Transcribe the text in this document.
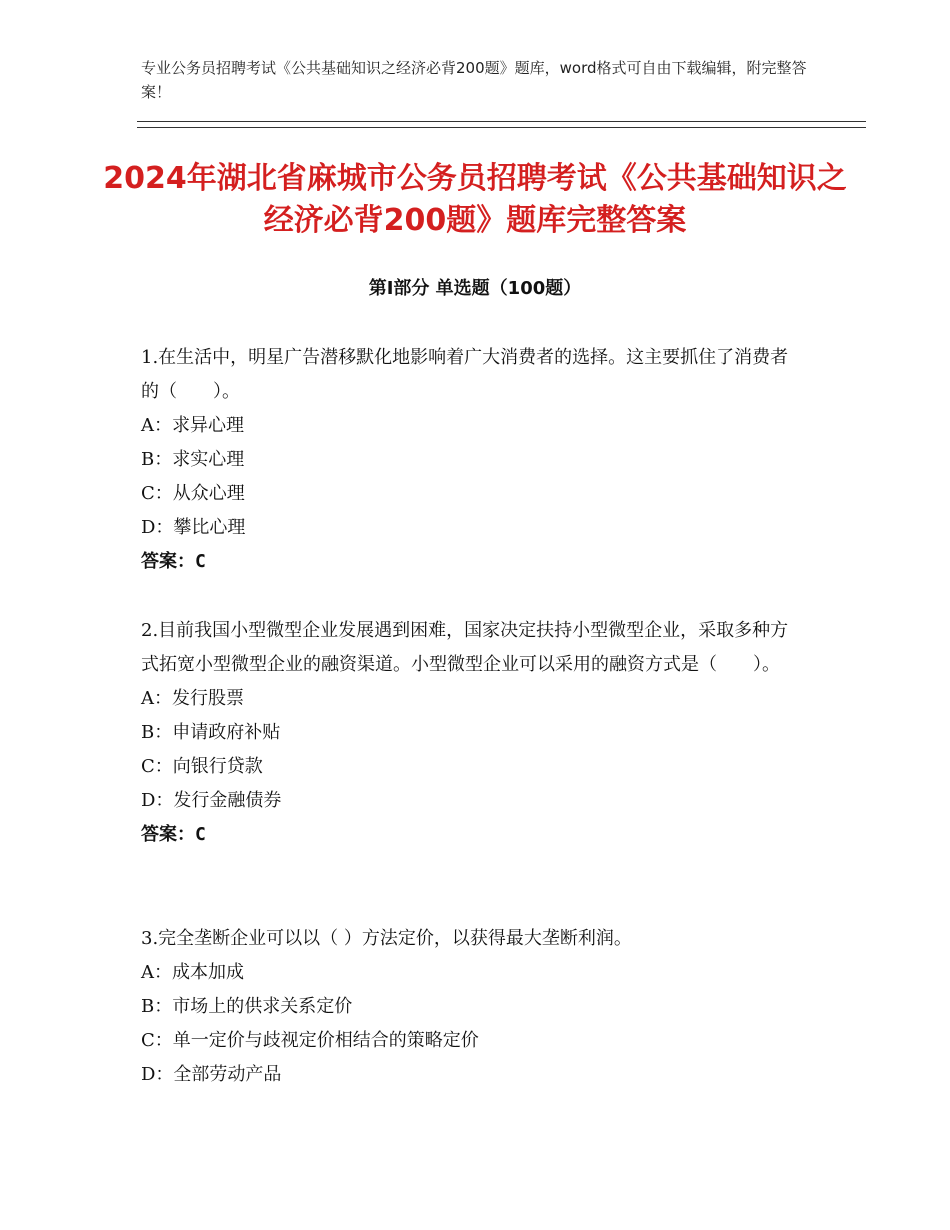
专业公务员招聘考试《公共基础知识之经济必背200题》题库，word格式可自由下载编辑，附完整答案！
2024年湖北省麻城市公务员招聘考试《公共基础知识之经济必背200题》题库完整答案
第Ⅰ部分 单选题（100题）
1.在生活中，明星广告潜移默化地影响着广大消费者的选择。这主要抓住了消费者的（　　）。
A：求异心理
B：求实心理
C：从众心理
D：攀比心理
答案：C
2.目前我国小型微型企业发展遇到困难，国家决定扶持小型微型企业，采取多种方式拓宽小型微型企业的融资渠道。小型微型企业可以采用的融资方式是（　　）。
A：发行股票
B：申请政府补贴
C：向银行贷款
D：发行金融债券
答案：C
3.完全垄断企业可以以（ ）方法定价，以获得最大垄断利润。
A：成本加成
B：市场上的供求关系定价
C：单一定价与歧视定价相结合的策略定价
D：全部劳动产品
